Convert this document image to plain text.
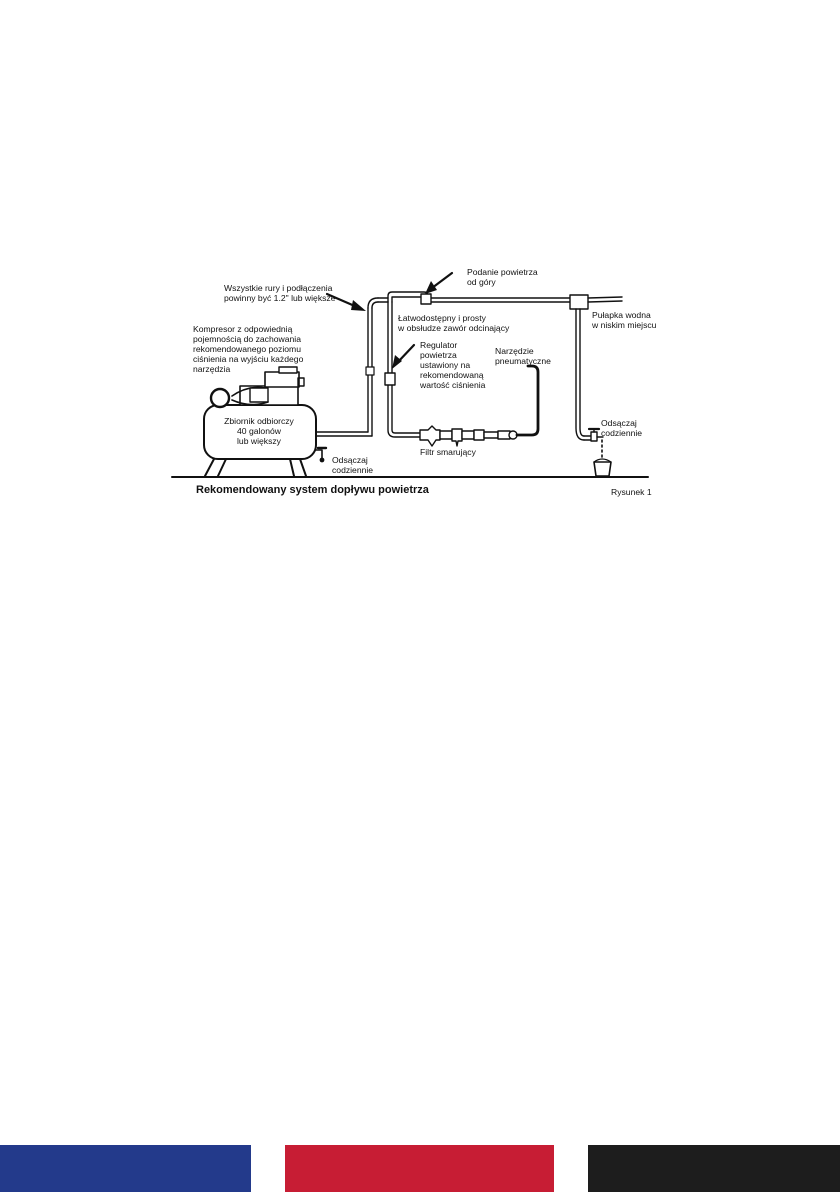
Wszystkie rury i podłączenia
powinny być 1.2" lub większe
Podanie powietrza
od góry
Kompresor z odpowiednią
pojemnością do zachowania
rekomendowanego poziomu
ciśnienia na wyjściu każdego
narzędzia
Łatwodostępny i prosty
w obsłudze zawór odcinający
Pułapka wodna
w niskim miejscu
Regulator
powietrza
ustawiony na
rekomendowaną
wartość ciśnienia
Narzędzie
pneumatyczne
Zbiornik odbiorczy
40 galonów
lub większy
Odsączaj
codziennie
Odsączaj
codziennie
Filtr smarujący
Rekomendowany system dopływu powietrza	Rysunek 1
